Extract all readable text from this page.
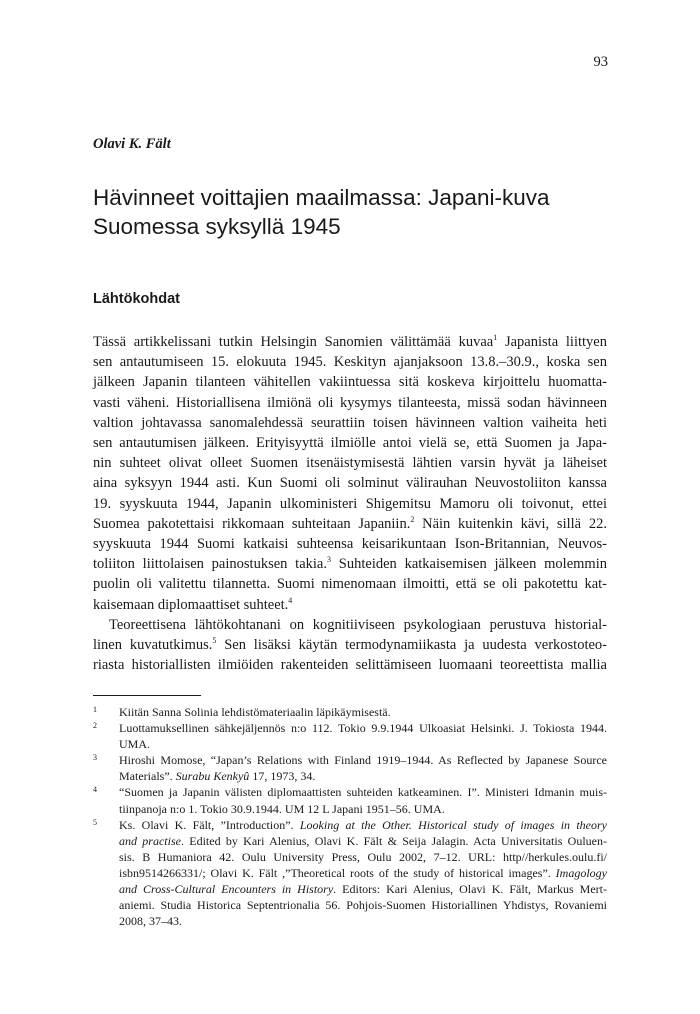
93
Olavi K. Fält
Hävinneet voittajien maailmassa: Japani-kuva
Suomessa syksyllä 1945
Lähtökohdat
Tässä artikkelissani tutkin Helsingin Sanomien välittämää kuvaa$^1$ Japanista liittyen
sen antautumiseen 15. elokuuta 1945. Keskityn ajanjaksoon 13.8.–30.9., koska sen
jälkeen Japanin tilanteen vähitellen vakiintuessa sitä koskeva kirjoittelu huomatta-
vasti väheni. Historiallisena ilmiönä oli kysymys tilanteesta, missä sodan hävinneen
valtion johtavassa sanomalehdessä seurattiin toisen hävinneen valtion vaiheita heti
sen antautumisen jälkeen. Erityisyyttä ilmiölle antoi vielä se, että Suomen ja Japa-
nin suhteet olivat olleet Suomen itsenäistymisestä lähtien varsin hyvät ja läheiset
aina syksyyn 1944 asti. Kun Suomi oli solminut välirauhan Neuvostoliiton kanssa
19. syyskuuta 1944, Japanin ulkoministeri Shigemitsu Mamoru oli toivonut, ettei
Suomea pakotettaisi rikkomaan suhteitaan Japaniin.$^2$ Näin kuitenkin kävi, sillä 22.
syyskuuta 1944 Suomi katkaisi suhteensa keisarikuntaan Ison-Britannian, Neuvos-
toliiton liittolaisen painostuksen takia.$^3$ Suhteiden katkaisemisen jälkeen molemmin
puolin oli valitettu tilannetta. Suomi nimenomaan ilmoitti, että se oli pakotettu kat-
kaisemaan diplomaattiset suhteet.$^4$
Teoreettisena lähtökohtanani on kognitiiviseen psykologiaan perustuva historial-
linen kuvatutkimus.$^5$ Sen lisäksi käytän termodynamiikasta ja uudesta verkostoteo-
riasta historiallisten ilmiöiden rakenteiden selittämiseen luomaani teoreettista mallia
1	Kiitän Sanna Solinia lehdistömateriaalin läpikäymisestä.
2	Luottamuksellinen sähkejäljennös n:o 112. Tokio 9.9.1944 Ulkoasiat Helsinki. J. Tokiosta 1944.
UMA.
3	Hiroshi Momose, “Japan’s Relations with Finland 1919–1944. As Reflected by Japanese Source
Materials”. Surabu Kenkyû 17, 1973, 34.
4	“Suomen ja Japanin välisten diplomaattisten suhteiden katkeaminen. I”. Ministeri Idmanin muis-
tiinpanoja n:o 1. Tokio 30.9.1944. UM 12 L Japani 1951–56. UMA.
5	Ks. Olavi K. Fält, ”Introduction”. Looking at the Other. Historical study of images in theory
and practise. Edited by Kari Alenius, Olavi K. Fält & Seija Jalagin. Acta Universitatis Ouluen-
sis. B Humaniora 42. Oulu University Press, Oulu 2002, 7–12. URL: http//herkules.oulu.fi/
isbn9514266331/; Olavi K. Fält ,”Theoretical roots of the study of historical images”. Imagology
and Cross-Cultural Encounters in History. Editors: Kari Alenius, Olavi K. Fält, Markus Mert-
aniemi. Studia Historica Septentrionalia 56. Pohjois-Suomen Historiallinen Yhdistys, Rovaniemi
2008, 37–43.
